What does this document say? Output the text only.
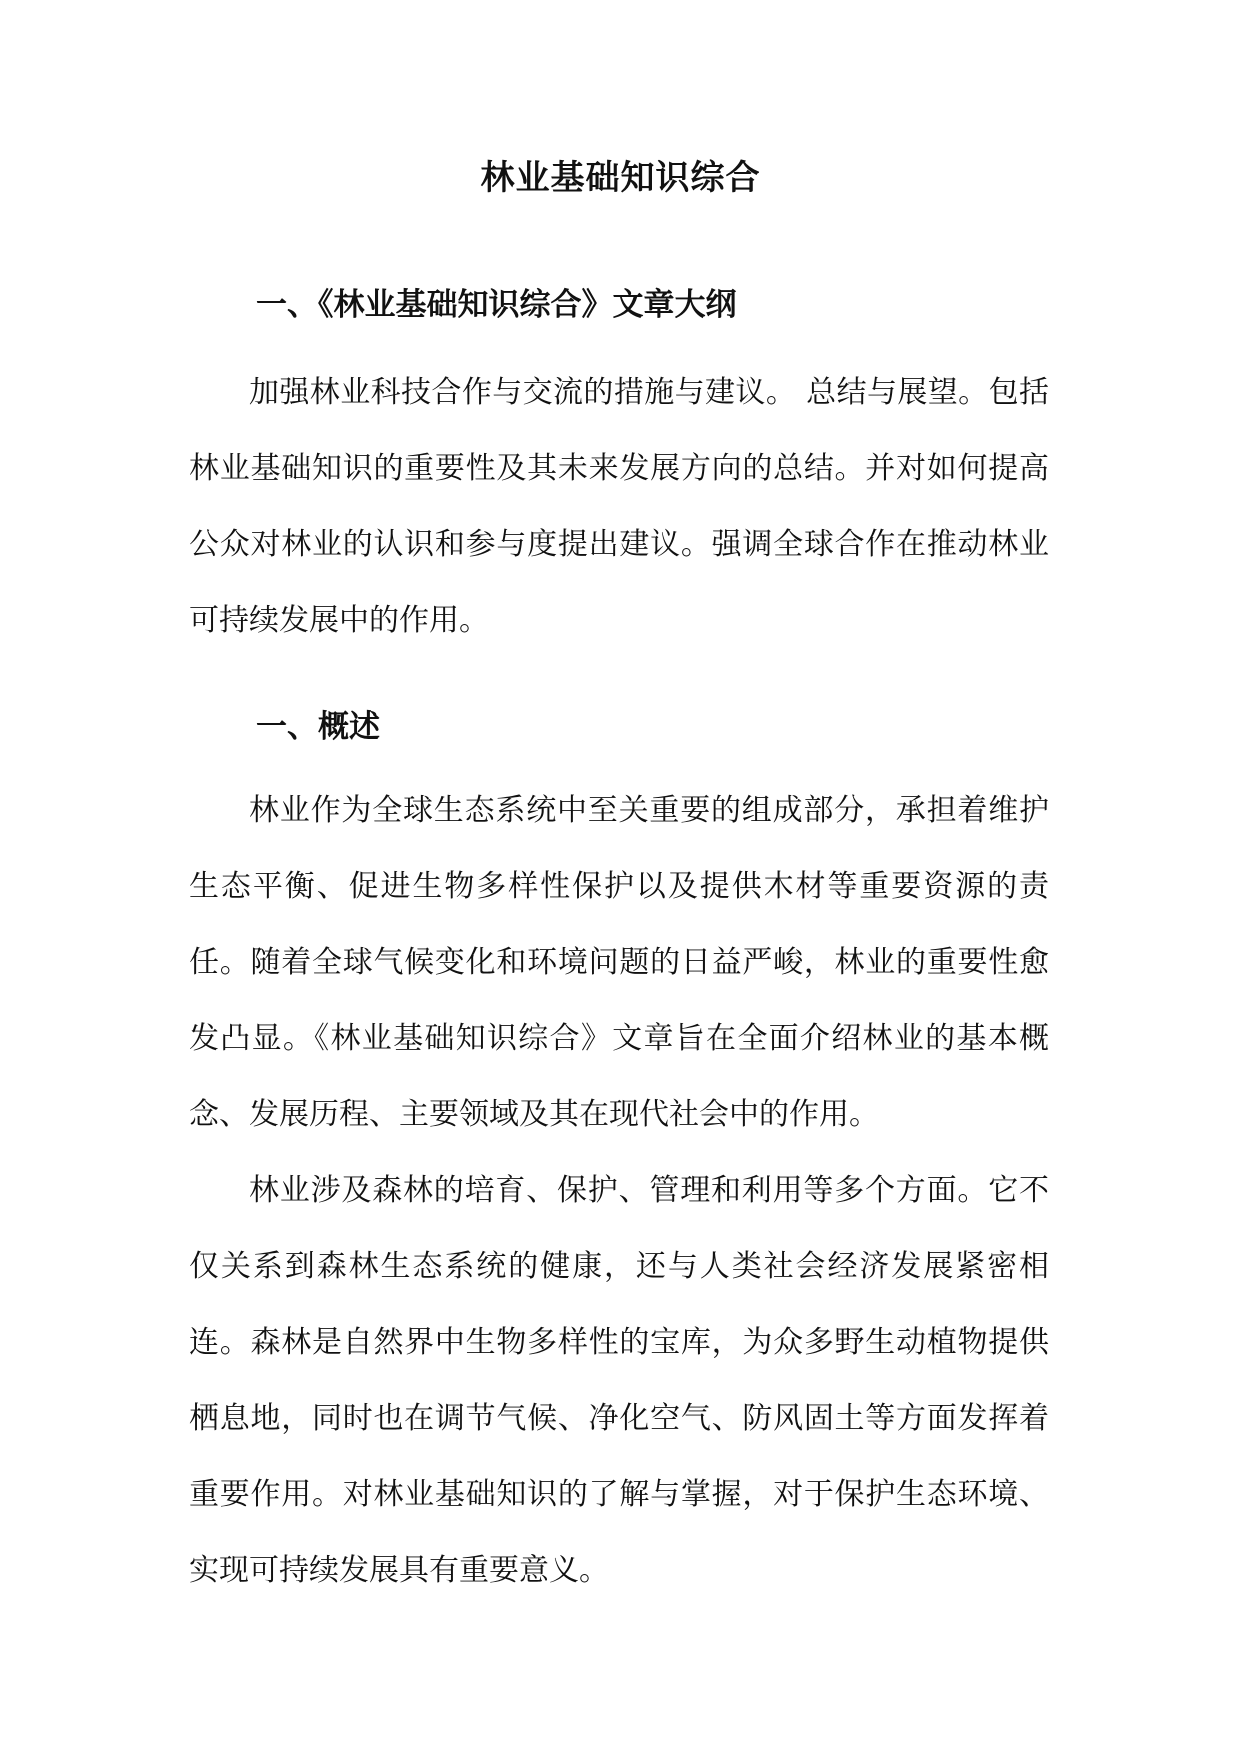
林业基础知识综合
一、《林业基础知识综合》文章大纲

加强林业科技合作与交流的措施与建议。 总结与展望。包括林业基础知识的重要性及其未来发展方向的总结。并对如何提高公众对林业的认识和参与度提出建议。强调全球合作在推动林业可持续发展中的作用。

一、概述

林业作为全球生态系统中至关重要的组成部分，承担着维护生态平衡、促进生物多样性保护以及提供木材等重要资源的责任。随着全球气候变化和环境问题的日益严峻，林业的重要性愈发凸显。《林业基础知识综合》文章旨在全面介绍林业的基本概念、发展历程、主要领域及其在现代社会中的作用。

林业涉及森林的培育、保护、管理和利用等多个方面。它不仅关系到森林生态系统的健康，还与人类社会经济发展紧密相连。森林是自然界中生物多样性的宝库，为众多野生动植物提供栖息地，同时也在调节气候、净化空气、防风固土等方面发挥着重要作用。对林业基础知识的了解与掌握，对于保护生态环境、实现可持续发展具有重要意义。
